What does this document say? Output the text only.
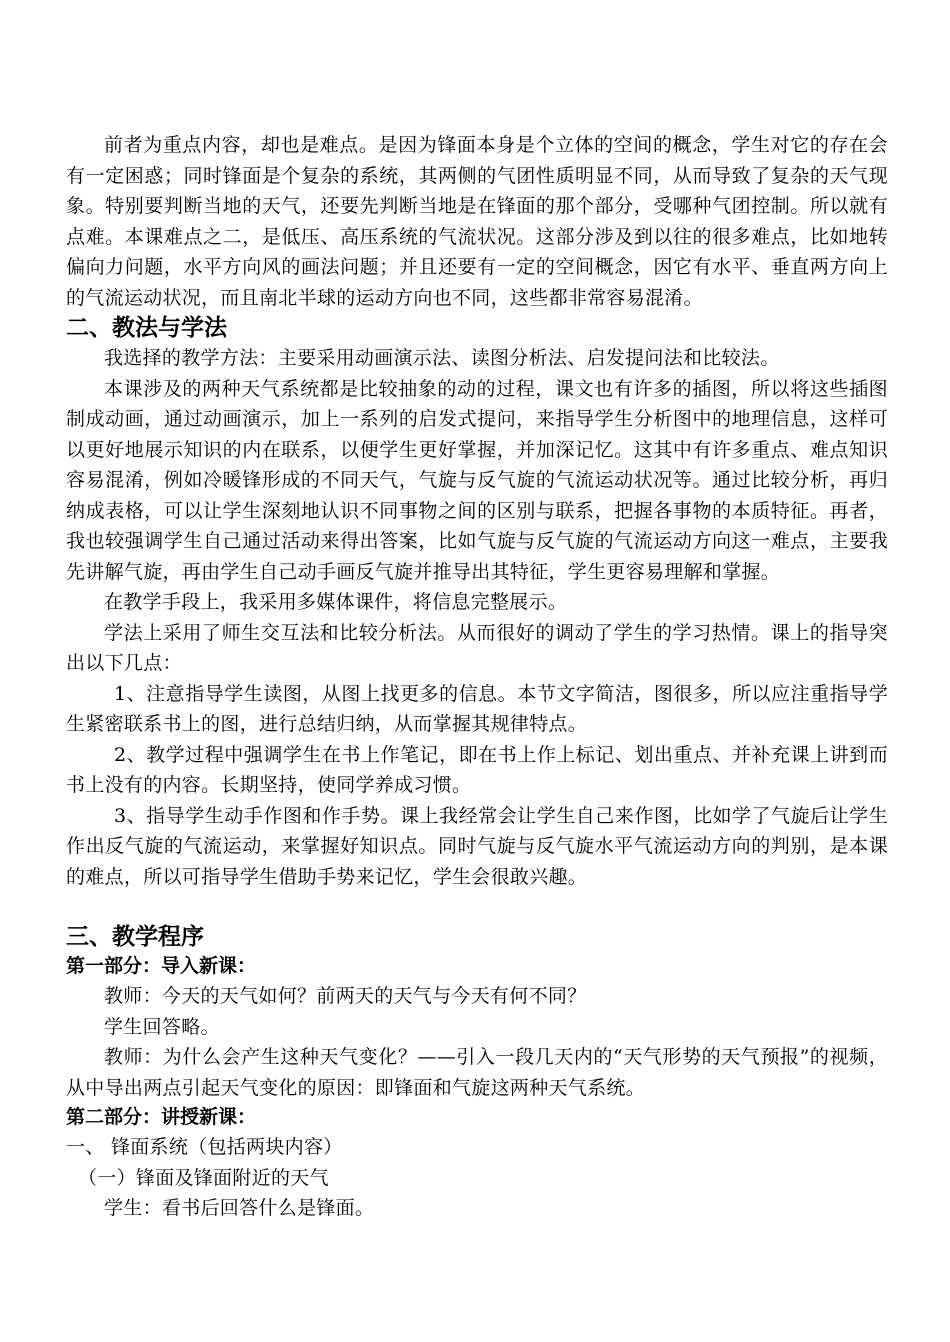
前者为重点内容，却也是难点。是因为锋面本身是个立体的空间的概念，学生对它的存在会有一定困惑；同时锋面是个复杂的系统，其两侧的气团性质明显不同，从而导致了复杂的天气现象。特别要判断当地的天气，还要先判断当地是在锋面的那个部分，受哪种气团控制。所以就有点难。本课难点之二，是低压、高压系统的气流状况。这部分涉及到以往的很多难点，比如地转偏向力问题，水平方向风的画法问题；并且还要有一定的空间概念，因它有水平、垂直两方向上的气流运动状况，而且南北半球的运动方向也不同，这些都非常容易混淆。

二、教法与学法

我选择的教学方法：主要采用动画演示法、读图分析法、启发提问法和比较法。

本课涉及的两种天气系统都是比较抽象的动的过程，课文也有许多的插图，所以将这些插图制成动画，通过动画演示，加上一系列的启发式提问，来指导学生分析图中的地理信息，这样可以更好地展示知识的内在联系，以便学生更好掌握，并加深记忆。这其中有许多重点、难点知识容易混淆，例如冷暖锋形成的不同天气，气旋与反气旋的气流运动状况等。通过比较分析，再归纳成表格，可以让学生深刻地认识不同事物之间的区别与联系，把握各事物的本质特征。再者，我也较强调学生自己通过活动来得出答案，比如气旋与反气旋的气流运动方向这一难点，主要我先讲解气旋，再由学生自己动手画反气旋并推导出其特征，学生更容易理解和掌握。

在教学手段上，我采用多媒体课件，将信息完整展示。

学法上采用了师生交互法和比较分析法。从而很好的调动了学生的学习热情。课上的指导突出以下几点：

1、注意指导学生读图，从图上找更多的信息。本节文字简洁，图很多，所以应注重指导学生紧密联系书上的图，进行总结归纳，从而掌握其规律特点。

2、教学过程中强调学生在书上作笔记，即在书上作上标记、划出重点、并补充课上讲到而书上没有的内容。长期坚持，使同学养成习惯。

3、指导学生动手作图和作手势。课上我经常会让学生自己来作图，比如学了气旋后让学生作出反气旋的气流运动，来掌握好知识点。同时气旋与反气旋水平气流运动方向的判别，是本课的难点，所以可指导学生借助手势来记忆，学生会很敢兴趣。

三、教学程序
第一部分：导入新课：

教师：今天的天气如何？前两天的天气与今天有何不同？

学生回答略。

教师：为什么会产生这种天气变化？——引入一段几天内的“天气形势的天气预报”的视频，从中导出两点引起天气变化的原因：即锋面和气旋这两种天气系统。

第二部分：讲授新课：

一、 锋面系统（包括两块内容）

（一）锋面及锋面附近的天气

学生：看书后回答什么是锋面。
